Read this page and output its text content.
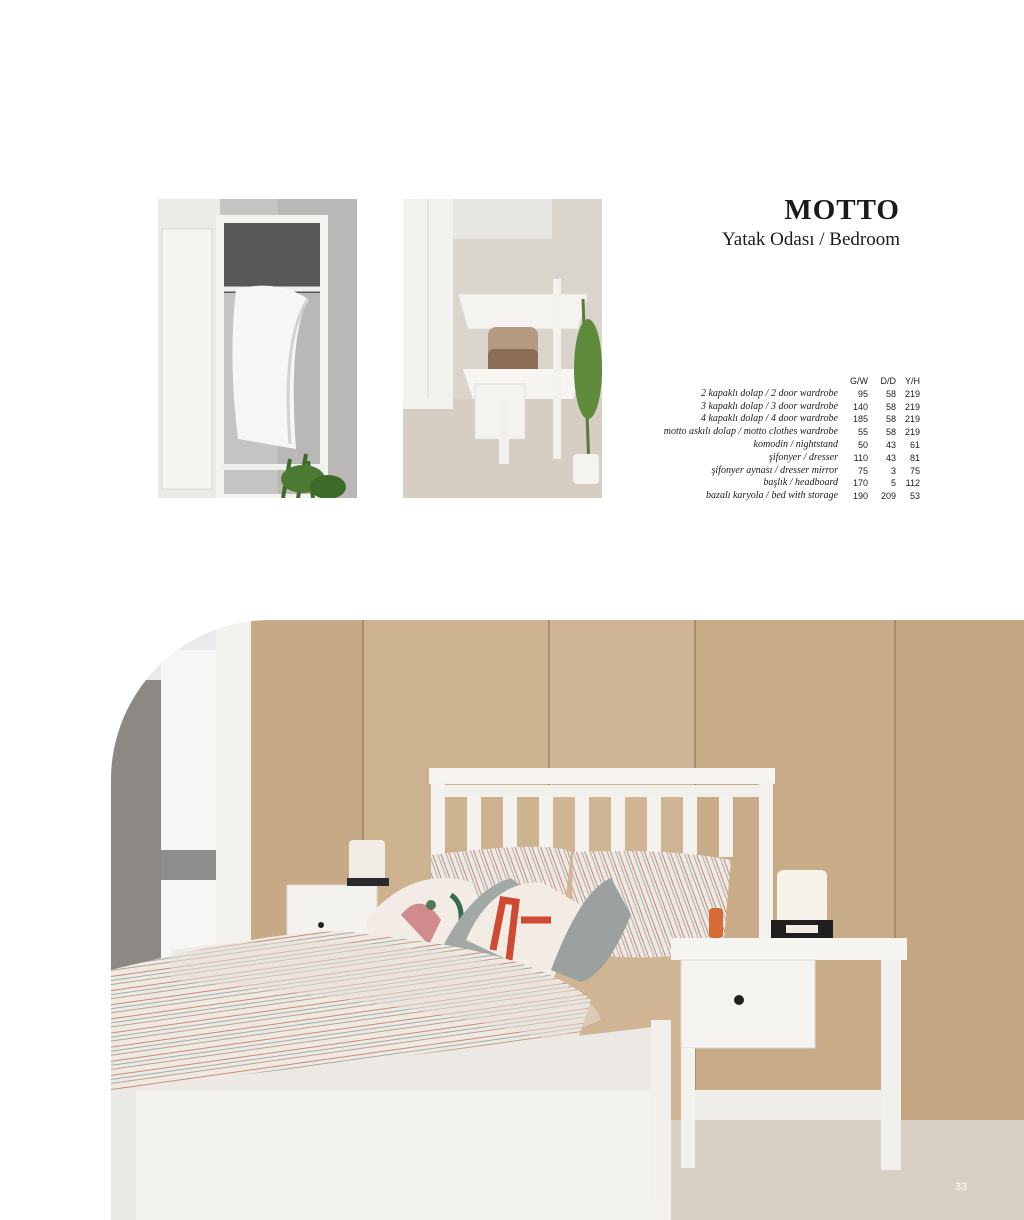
MOTTO
Yatak Odası / Bedroom
	G/W	D/D	Y/H
2 kapaklı dolap / 2 door wardrobe	95	58	219
3 kapaklı dolap / 3 door wardrobe	140	58	219
4 kapaklı dolap / 4 door wardrobe	185	58	219
motto askılı dolap / motto clothes wardrobe	55	58	219
komodin / nightstand	50	43	61
şifonyer / dresser	110	43	81
şifonyer aynası / dresser mirror	75	3	75
başlık / headboard	170	5	112
bazalı karyola / bed with storage	190	209	53
33
